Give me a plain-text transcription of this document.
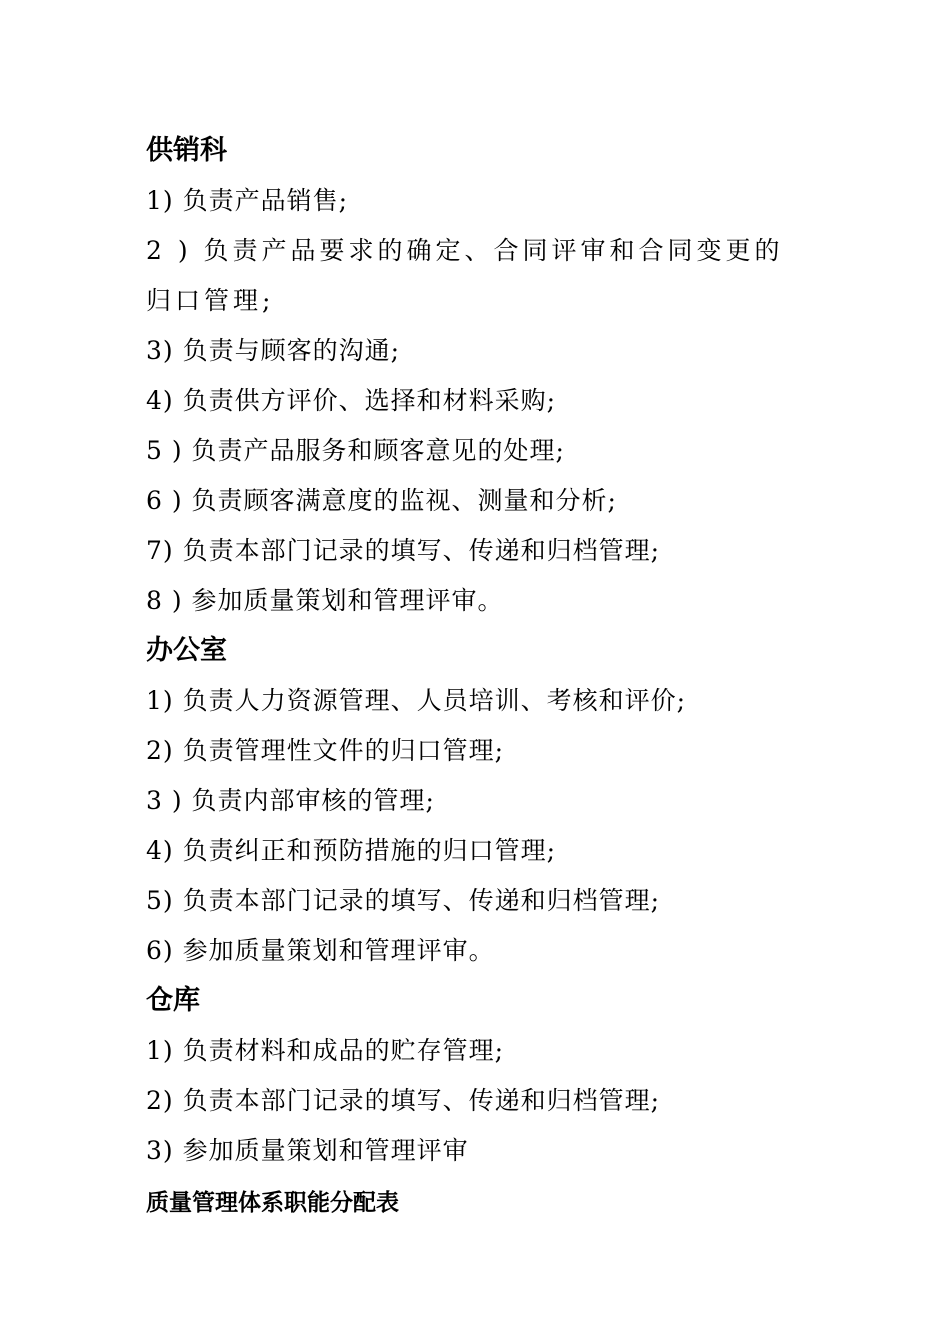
供销科
1) 负责产品销售;
2 ) 负责产品要求的确定、合同评审和合同变更的归口管理;
3) 负责与顾客的沟通;
4) 负责供方评价、选择和材料采购;
5 ) 负责产品服务和顾客意见的处理;
6 ) 负责顾客满意度的监视、测量和分析;
7) 负责本部门记录的填写、传递和归档管理;
8 ) 参加质量策划和管理评审。
办公室
1) 负责人力资源管理、人员培训、考核和评价;
2) 负责管理性文件的归口管理;
3 ) 负责内部审核的管理;
4) 负责纠正和预防措施的归口管理;
5) 负责本部门记录的填写、传递和归档管理;
6) 参加质量策划和管理评审。
仓库
1) 负责材料和成品的贮存管理;
2) 负责本部门记录的填写、传递和归档管理;
3) 参加质量策划和管理评审
质量管理体系职能分配表
